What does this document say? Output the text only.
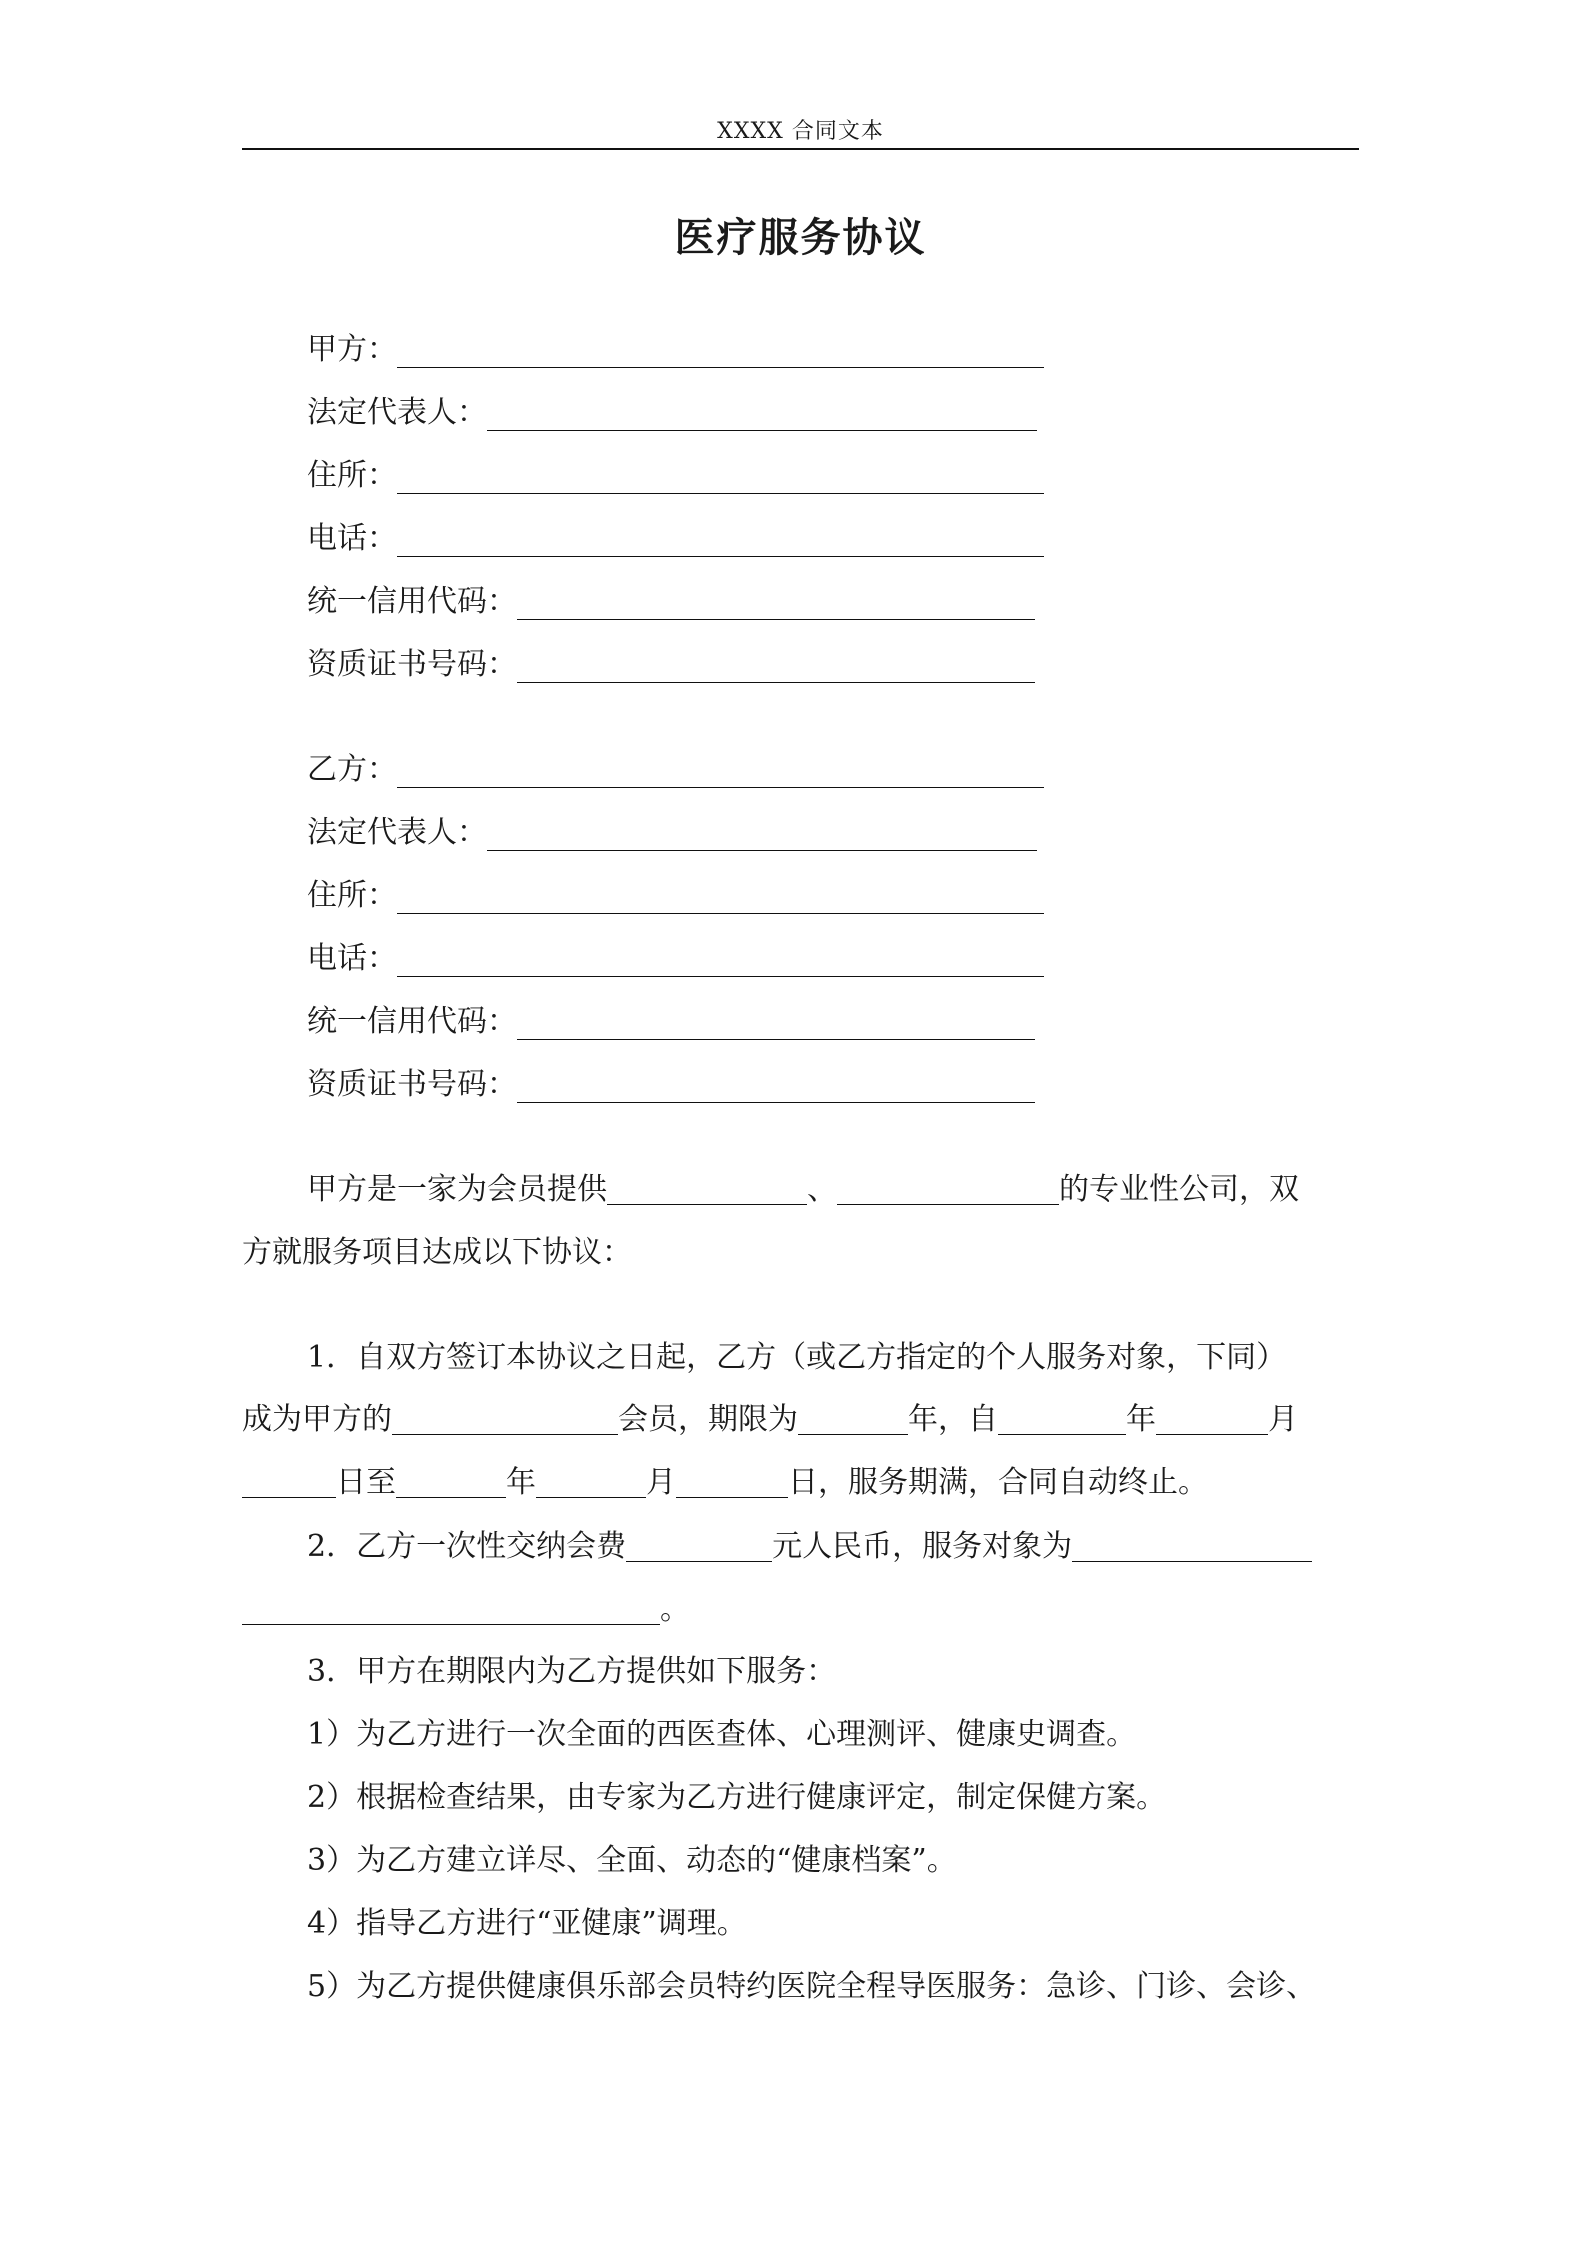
XXXX 合同文本
医疗服务协议
甲方：
法定代表人：
住所：
电话：
统一信用代码：
资质证书号码：
乙方：
法定代表人：
住所：
电话：
统一信用代码：
资质证书号码：
甲方是一家为会员提供	、	的专业性公司，双
方就服务项目达成以下协议：
1．自双方签订本协议之日起，乙方（或乙方指定的个人服务对象，下同）
成为甲方的	会员，期限为	年，自	年	月
日至	年	月	日，服务期满，合同自动终止。
2．乙方一次性交纳会费	元人民币，服务对象为
。
3．甲方在期限内为乙方提供如下服务：
1）为乙方进行一次全面的西医查体、心理测评、健康史调查。
2）根据检查结果，由专家为乙方进行健康评定，制定保健方案。
3）为乙方建立详尽、全面、动态的“健康档案”。
4）指导乙方进行“亚健康”调理。
5）为乙方提供健康俱乐部会员特约医院全程导医服务：急诊、门诊、会诊、
